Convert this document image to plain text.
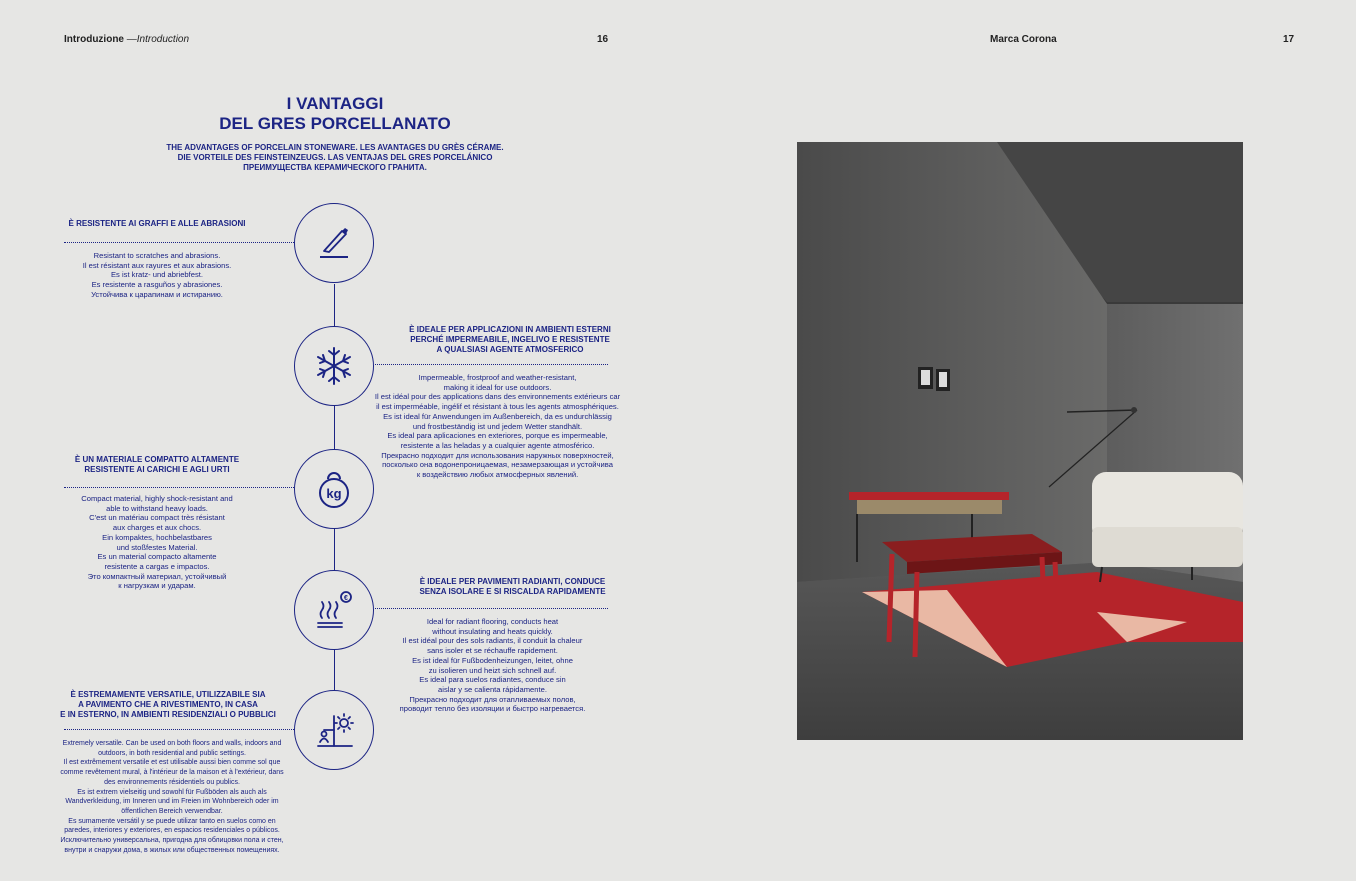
Introduzione —Introduction	16	Marca Corona	17
I VANTAGGI
DEL GRES PORCELLANATO
THE ADVANTAGES OF PORCELAIN STONEWARE. LES AVANTAGES DU GRÈS CÉRAME.
DIE VORTEILE DES FEINSTEINZEUGS. LAS VENTAJAS DEL GRES PORCELÁNICO
ПРЕИМУЩЕСТВА КЕРАМИЧЕСКОГО ГРАНИТА.
kg
€
È RESISTENTE AI GRAFFI E ALLE ABRASIONI
Resistant to scratches and abrasions.
Il est résistant aux rayures et aux abrasions.
Es ist kratz- und abriebfest.
Es resistente a rasguños y abrasiones.
Устойчива к царапинам и истиранию.
È IDEALE PER APPLICAZIONI IN AMBIENTI ESTERNI
PERCHÉ IMPERMEABILE, INGELIVO E RESISTENTE
A QUALSIASI AGENTE ATMOSFERICO
Impermeable, frostproof and weather-resistant,
making it ideal for use outdoors.
Il est idéal pour des applications dans des environnements extérieurs car
il est imperméable, ingélif et résistant à tous les agents atmosphériques.
Es ist ideal für Anwendungen im Außenbereich, da es undurchlässig
und frostbeständig ist und jedem Wetter standhält.
Es ideal para aplicaciones en exteriores, porque es impermeable,
resistente a las heladas y a cualquier agente atmosférico.
Прекрасно подходит для использования наружных поверхностей,
посколько она водонепроницаемая, незамерзающая и устойчива
к воздействию любых атмосферных явлений.
È UN MATERIALE COMPATTO ALTAMENTE
RESISTENTE AI CARICHI E AGLI URTI
Compact material, highly shock-resistant and
able to withstand heavy loads.
C'est un matériau compact très résistant
aux charges et aux chocs.
Ein kompaktes, hochbelastbares
und stoßfestes Material.
Es un material compacto altamente
resistente a cargas e impactos.
Это компактный материал, устойчивый
к нагрузкам и ударам.	È IDEALE PER PAVIMENTI RADIANTI, CONDUCE
SENZA ISOLARE E SI RISCALDA RAPIDAMENTE
Ideal for radiant flooring, conducts heat
without insulating and heats quickly.
Il est idéal pour des sols radiants, il conduit la chaleur
sans isoler et se réchauffe rapidement.
Es ist ideal für Fußbodenheizungen, leitet, ohne
zu isolieren und heizt sich schnell auf.
Es ideal para suelos radiantes, conduce sin
aislar y se calienta rápidamente.
Прекрасно подходит для отапливаемых полов,
проводит тепло без изоляции и быстро нагревается.
È ESTREMAMENTE VERSATILE, UTILIZZABILE SIA
A PAVIMENTO CHE A RIVESTIMENTO, IN CASA
E IN ESTERNO, IN AMBIENTI RESIDENZIALI O PUBBLICI
Extremely versatile. Can be used on both floors and walls, indoors and
outdoors, in both residential and public settings.
Il est extrêmement versatile et est utilisable aussi bien comme sol que
comme revêtement mural, à l'intérieur de la maison et à l'extérieur, dans
des environnements résidentiels ou publics.
Es ist extrem vielseitig und sowohl für Fußböden als auch als
Wandverkleidung, im Inneren und im Freien im Wohnbereich oder im
öffentlichen Bereich verwendbar.
Es sumamente versátil y se puede utilizar tanto en suelos como en
paredes, interiores y exteriores, en espacios residenciales o públicos.
Исключительно универсальна, пригодна для облицовки пола и стен,
внутри и снаружи дома, в жилых или общественных помещениях.
